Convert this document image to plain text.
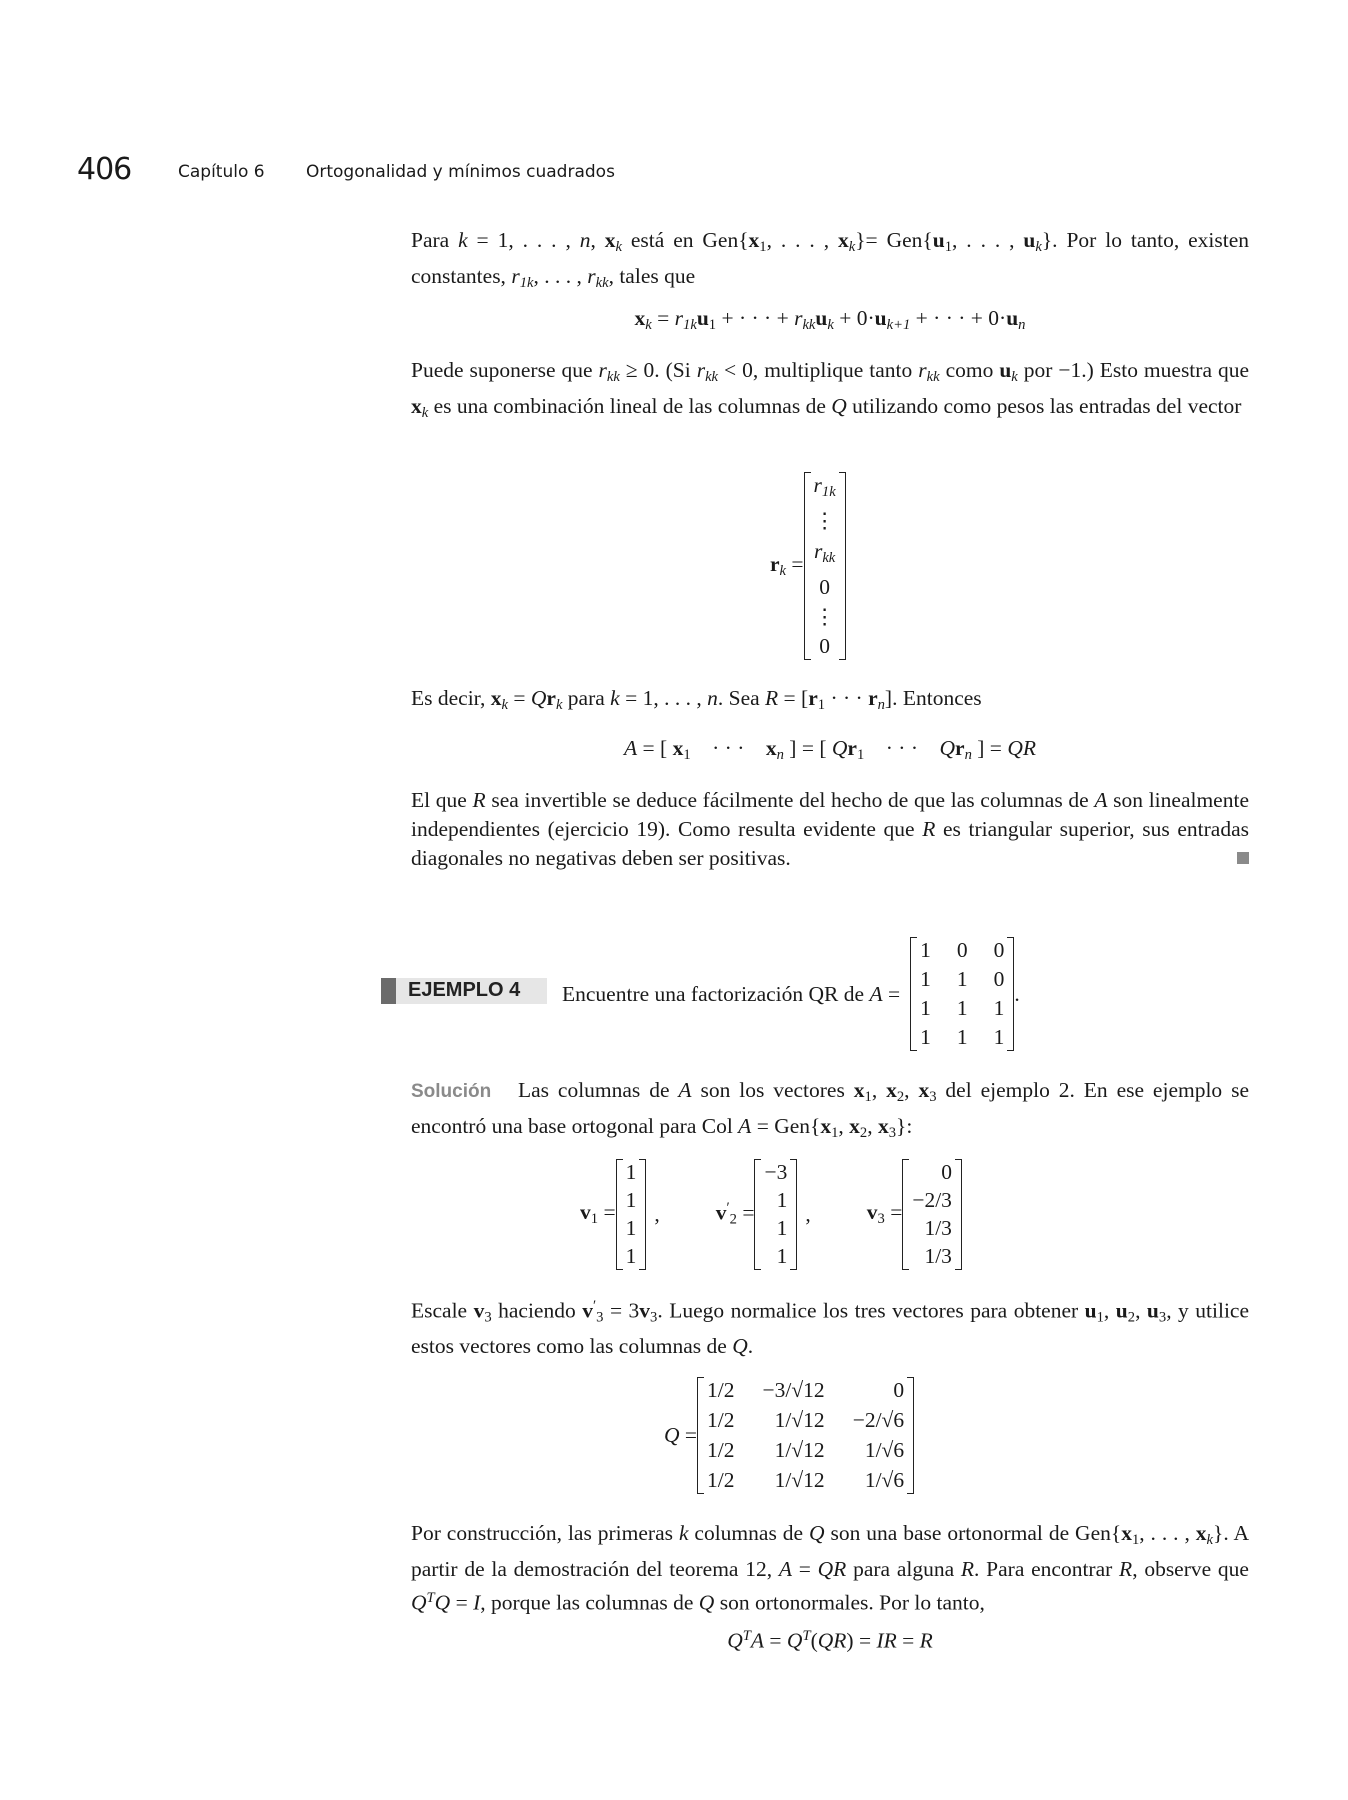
406	Capítulo 6 Ortogonalidad y mínimos cuadrados
Para k = 1, . . . , n, xk está en $Gen\{x_1$, . . . , $xk\}= Gen\{u_1$, . . . , uk}. Por lo tanto, existen constantes, r1k, . . . , rkk, tales que
xk = $r1ku_1$ + · · · + rkkuk + 0·uk+1 + · · · + 0·un
Puede suponerse que rkk ≥ 0. (Si rkk < 0, multiplique tanto rkk como uk por −1.) Esto muestra que xk es una combinación lineal de las columnas de Q utilizando como pesos las entradas del vector
rk =
r1k
⋮
rkk
0
⋮
0
Es decir, xk = Qrk para k = 1, . . . , n. Sea $R = [r_1$ · · · rn]. Entonces
A = [ $x_1$    · · ·    xn ] = [ $Qr_1$    · · ·    Qrn ] = QR
El que R sea invertible se deduce fácilmente del hecho de que las columnas de A son linealmente independientes (ejercicio 19). Como resulta evidente que R es triangular superior, sus entradas diagonales no negativas deben ser positivas.
EJEMPLO 4 Encuentre una factorización QR de A =
1 0 0
1 1 0
1 1 1
1 1 1
.
Solución Las columnas de A son los vectores $x_1$, $x_2$, $x_3$ del ejemplo 2. En ese ejemplo se encontró una base ortogonal para Col $A = Gen\{x_1$, $x_2$, $x_3$}:
$v_1$ =
1
1
1
1
,	$v'_2$ =
−3
1
1
1
,	$v_3$ =
0
−2/3
1/3
1/3
Escale $v_3$ haciendo $v'_3 = 3v_3$. Luego normalice los tres vectores para obtener $u_1$, $u_2$, $u_3$, y utilice estos vectores como las columnas de Q.
Q =
1/2 −3/√12	0
1/2	1/√12 −2/√6
1/2	1/√12	1/√6
1/2	1/√12	1/√6
Por construcción, las primeras k columnas de Q son una base ortonormal de $Gen\{x_1$, . . . , xk}. A partir de la demostración del teorema 12, A = QR para alguna R. Para encontrar R, observe que $Q^TQ = I$, porque las columnas de Q son ortonormales. Por lo tanto,
$Q^TA = Q^T(QR)$ = IR = R
